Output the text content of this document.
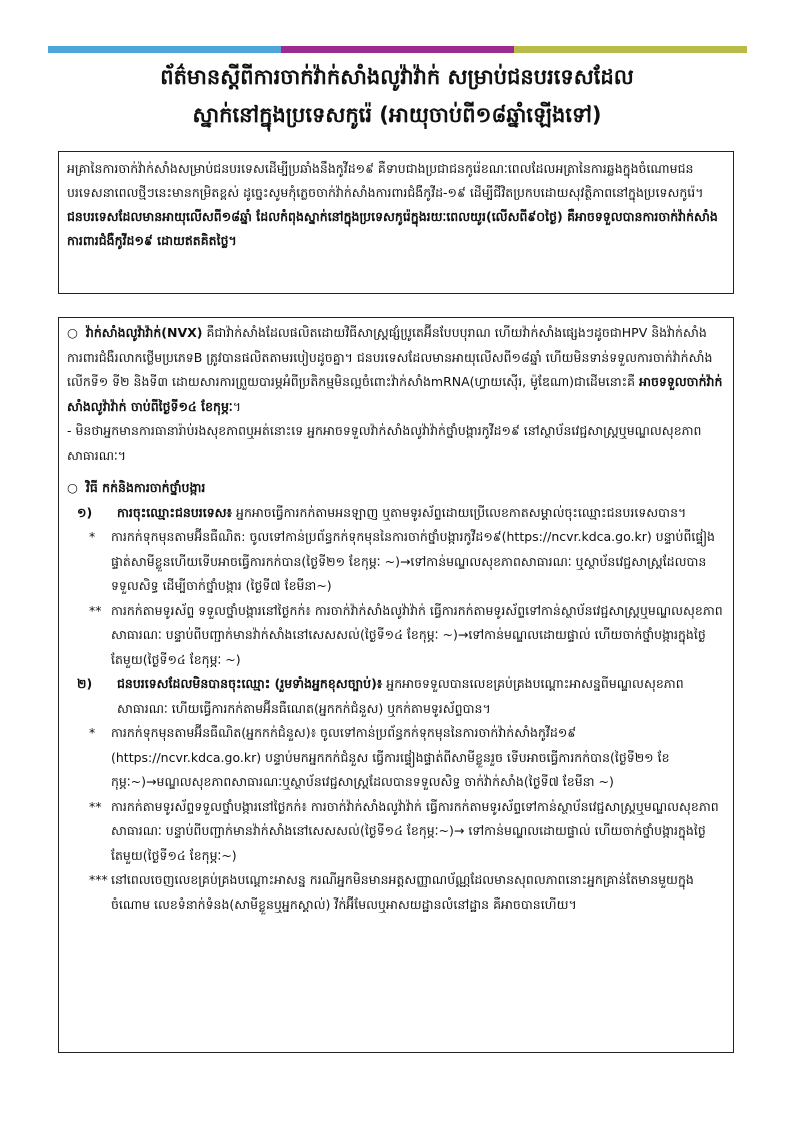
ព័ត៌មានស្តីពីការចាក់វ៉ាក់សាំងលូវ៉ាវ៉ាក់ សម្រាប់ជនបរទេសដែល
ស្នាក់នៅក្នុងប្រទេសកូរ៉េ (អាយុចាប់ពី១៨ឆ្នាំឡើងទៅ)

អគ្រានៃការចាក់វ៉ាក់សាំងសម្រាប់ជនបរទេសដើម្បីប្រឆាំងនឹងកូវីដ១៩ គឺទាបជាងប្រជាជនកូរ៉េខណៈពេលដែលអត្រានៃការឆ្លងក្នុងចំណោមជនបរទេសនាពេលថ្មីៗនេះមានកម្រិតខ្ពស់ ដូច្នេះសូមកុំភ្លេចចាក់វ៉ាក់សាំងការពារជំងឺកូវីដ-១៩ ដើម្បីជីវិតប្រកបដោយសុវត្ថិភាពនៅក្នុងប្រទេសកូរ៉េ។

ជនបរទេសដែលមានអាយុលើសពី១៨ឆ្នាំ ដែលកំពុងស្នាក់នៅក្នុងប្រទេសកូរ៉េក្នុងរយៈពេលយូរ(លើសពី៩០ថ្ងៃ) គឺអាចទទួលបានការចាក់វ៉ាក់សាំងការពារជំងឺកូវីដ១៩ ដោយឥតគិតថ្លៃ។

○ វ៉ាក់សាំងលូវ៉ាវ៉ាក់(NVX) គឺជាវ៉ាក់សាំងដែលផលិតដោយវិធីសាស្ត្រផ្សំប្រូតេអ៊ីនបែបបុរាណ ហើយវ៉ាក់សាំងផ្សេងៗដូចជាHPV និងវ៉ាក់សាំងការពារជំងឺរលាកថ្លើមប្រភេទB ត្រូវបានផលិតតាមរបៀបដូចគ្នា។ ជនបរទេសដែលមានអាយុលើសពី១៨ឆ្នាំ ហើយមិនទាន់ទទួលការចាក់វ៉ាក់សាំងលើកទី១ ទី២ និងទី៣ ដោយសារការព្រួយបារម្ភអំពីប្រតិកម្មមិនល្អចំពោះវ៉ាក់សាំងmRNA(ហ្វាយស៊ើរ, ម៉ូឌែណា)ជាដើមនោះគឺ អាចទទួលចាក់វ៉ាក់សាំងលូវ៉ាវ៉ាក់ ចាប់ពីថ្ងៃទី១៤ ខែកុម្ភៈ។

- មិនថាអ្នកមានការធានារ៉ាប់រងសុខភាពឬអត់នោះទេ អ្នកអាចទទួលវ៉ាក់សាំងលូវ៉ាវ៉ាក់ថ្នាំបង្ការកូវីដ១៩ នៅស្ថាប័នវេជ្ជសាស្ត្រឬមណ្ឌលសុខភាពសាធារណៈ។

○ វិធី កក់និងការចាក់ថ្នាំបង្ការ

១)	ការចុះឈ្មោះជនបរទេស៖ អ្នកអាចធ្វើការកក់តាមអនឡាញ ឬតាមទូរស័ព្ទដោយប្រើលេខកាតសម្គាល់ចុះឈ្មោះជនបរទេសបាន។
*	ការកក់ទុកមុនតាមអ៊ីនធឺណិត: ចូលទៅកាន់ប្រព័ន្ធកក់ទុកមុននៃការចាក់ថ្នាំបង្ការកូវីដ១៩(https://ncvr.kdca.go.kr) បន្ទាប់ពីផ្ទៀងផ្ទាត់សាមីខ្លួនហើយទើបអាចធ្វើការកក់បាន(ថ្ងៃទី២១ ខែកុម្ភៈ ~)→ទៅកាន់មណ្ឌលសុខភាពសាធារណៈ ឬស្ថាប័នវេជ្ជសាស្ត្រដែលបានទទួលសិទ្ធ ដើម្បីចាក់ថ្នាំបង្ការ (ថ្ងៃទី៧ ខែមីនា~)
** ការកក់តាមទូរស័ព្ទ ទទួលថ្នាំបង្ការនៅថ្ងៃកក់៖ ការចាក់វ៉ាក់សាំងលូវ៉ាវ៉ាក់ ធ្វើការកក់តាមទូរស័ព្ទទៅកាន់ស្ថាប័នវេជ្ជសាស្ត្រឬមណ្ឌលសុខភាពសាធារណៈ បន្ទាប់ពីបញ្ជាក់មានវ៉ាក់សាំងនៅសេសសល់(ថ្ងៃទី១៤ ខែកុម្ភៈ ~)→ទៅកាន់មណ្ឌលដោយផ្ទាល់ ហើយចាក់ថ្នាំបង្ការក្នុងថ្ងៃតែមួយ(ថ្ងៃទី១៤ ខែកុម្ភៈ ~)
២)	ជនបរទេសដែលមិនបានចុះឈ្មោះ (រួមទាំងអ្នកខុសច្បាប់)៖ អ្នកអាចទទួលបានលេខគ្រប់គ្រងបណ្តោះអាសន្នពីមណ្ឌលសុខភាពសាធារណៈ ហើយធ្វើការកក់តាមអ៊ីនធឺណេត(អ្នកកក់ជំនួស) ឬកក់តាមទូរស័ព្ទបាន។
*	ការកក់ទុកមុនតាមអ៊ីនធឺណិត(អ្នកកក់ជំនួស)៖ ចូលទៅកាន់ប្រព័ន្ធកក់ទុកមុននៃការចាក់វ៉ាក់សាំងកូវីដ១៩ (https://ncvr.kdca.go.kr) បន្ទាប់មកអ្នកកក់ជំនួស ធ្វើការផ្ទៀងផ្ទាត់ពីសាមីខ្លួនរួច ទើបអាចធ្វើការកក់បាន(ថ្ងៃទី២១ ខែកុម្ភៈ~)→មណ្ឌលសុខភាពសាធារណៈឬស្ថាប័នវេជ្ជសាស្ត្រដែលបានទទួលសិទ្ធ ចាក់វ៉ាក់សាំង(ថ្ងៃទី៧ ខែមីនា ~)
** ការកក់តាមទូរស័ព្ទទទួលថ្នាំបង្ការនៅថ្ងៃកក់៖ ការចាក់វ៉ាក់សាំងលូវ៉ាវ៉ាក់ ធ្វើការកក់តាមទូរស័ព្ទទៅកាន់ស្ថាប័នវេជ្ជសាស្ត្រឬមណ្ឌលសុខភាពសាធារណៈ បន្ទាប់ពីបញ្ជាក់មានវ៉ាក់សាំងនៅសេសសល់(ថ្ងៃទី១៤ ខែកុម្ភៈ~)→ ទៅកាន់មណ្ឌលដោយផ្ទាល់ ហើយចាក់ថ្នាំបង្ការក្នុងថ្ងៃតែមួយ(ថ្ងៃទី១៤ ខែកុម្ភៈ~)
*** នៅពេលចេញលេខគ្រប់គ្រងបណ្តោះអាសន្ន ករណីអ្នកមិនមានអត្តសញ្ញាណប័ណ្ណដែលមានសុពលភាពនោះអ្នកគ្រាន់តែមានមួយក្នុងចំណោម លេខទំនាក់ទំនង(សាមីខ្លួនឬអ្នកស្គាល់) វីក់អ៊ីមែលឬអាសយដ្ឋានលំនៅដ្ឋាន គឺអាចបានហើយ។
